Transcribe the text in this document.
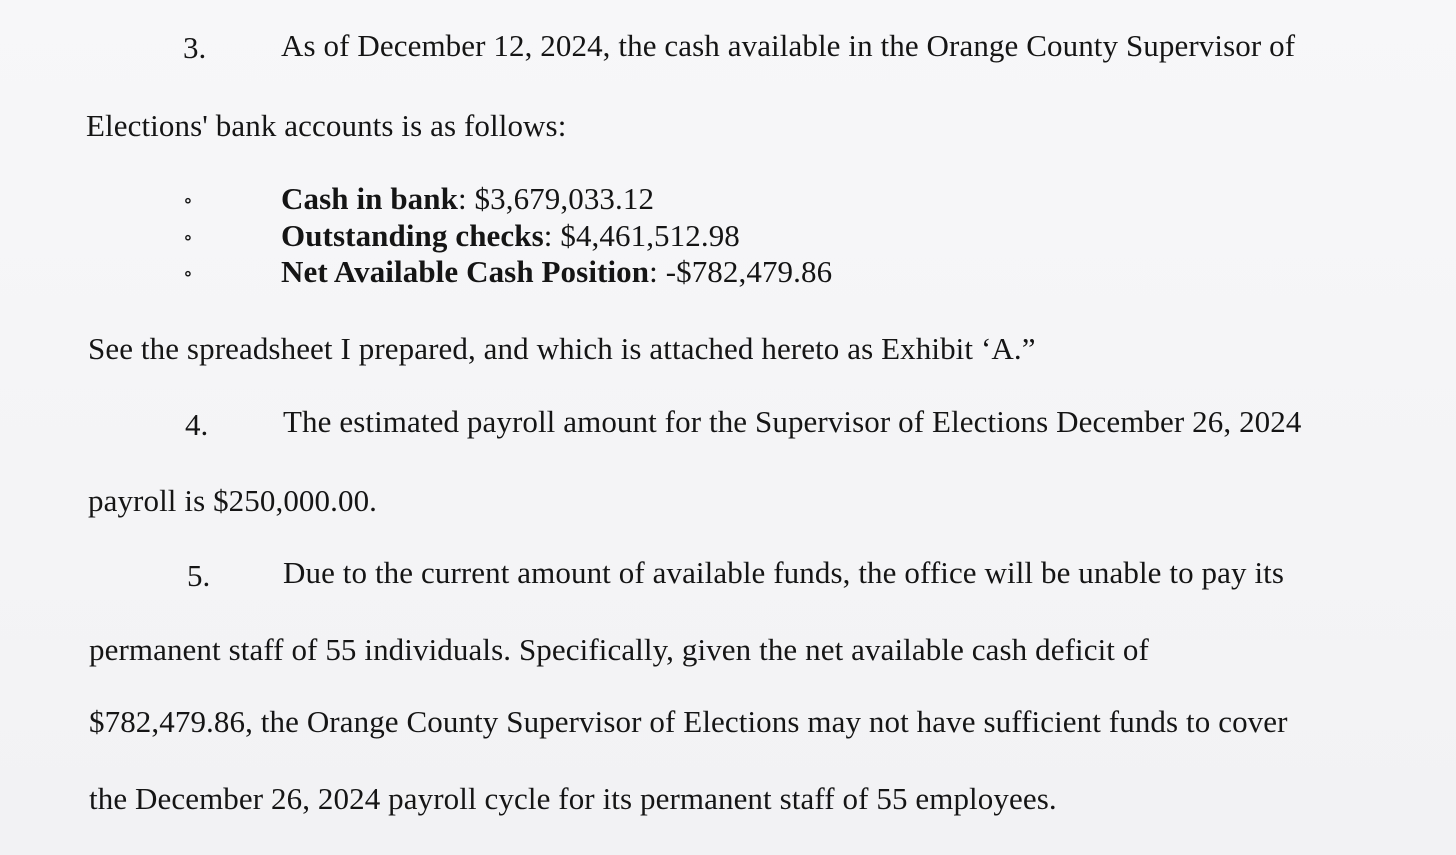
3. As of December 12, 2024, the cash available in the Orange County Supervisor of
Elections' bank accounts is as follows:
∘	Cash in bank: $3,679,033.12
∘	Outstanding checks: $4,461,512.98
∘	Net Available Cash Position: -$782,479.86
See the spreadsheet I prepared, and which is attached hereto as Exhibit ‘A.”
4. The estimated payroll amount for the Supervisor of Elections December 26, 2024
payroll is $250,000.00.
5. Due to the current amount of available funds, the office will be unable to pay its
permanent staff of 55 individuals. Specifically, given the net available cash deficit of
$782,479.86, the Orange County Supervisor of Elections may not have sufficient funds to cover
the December 26, 2024 payroll cycle for its permanent staff of 55 employees.
